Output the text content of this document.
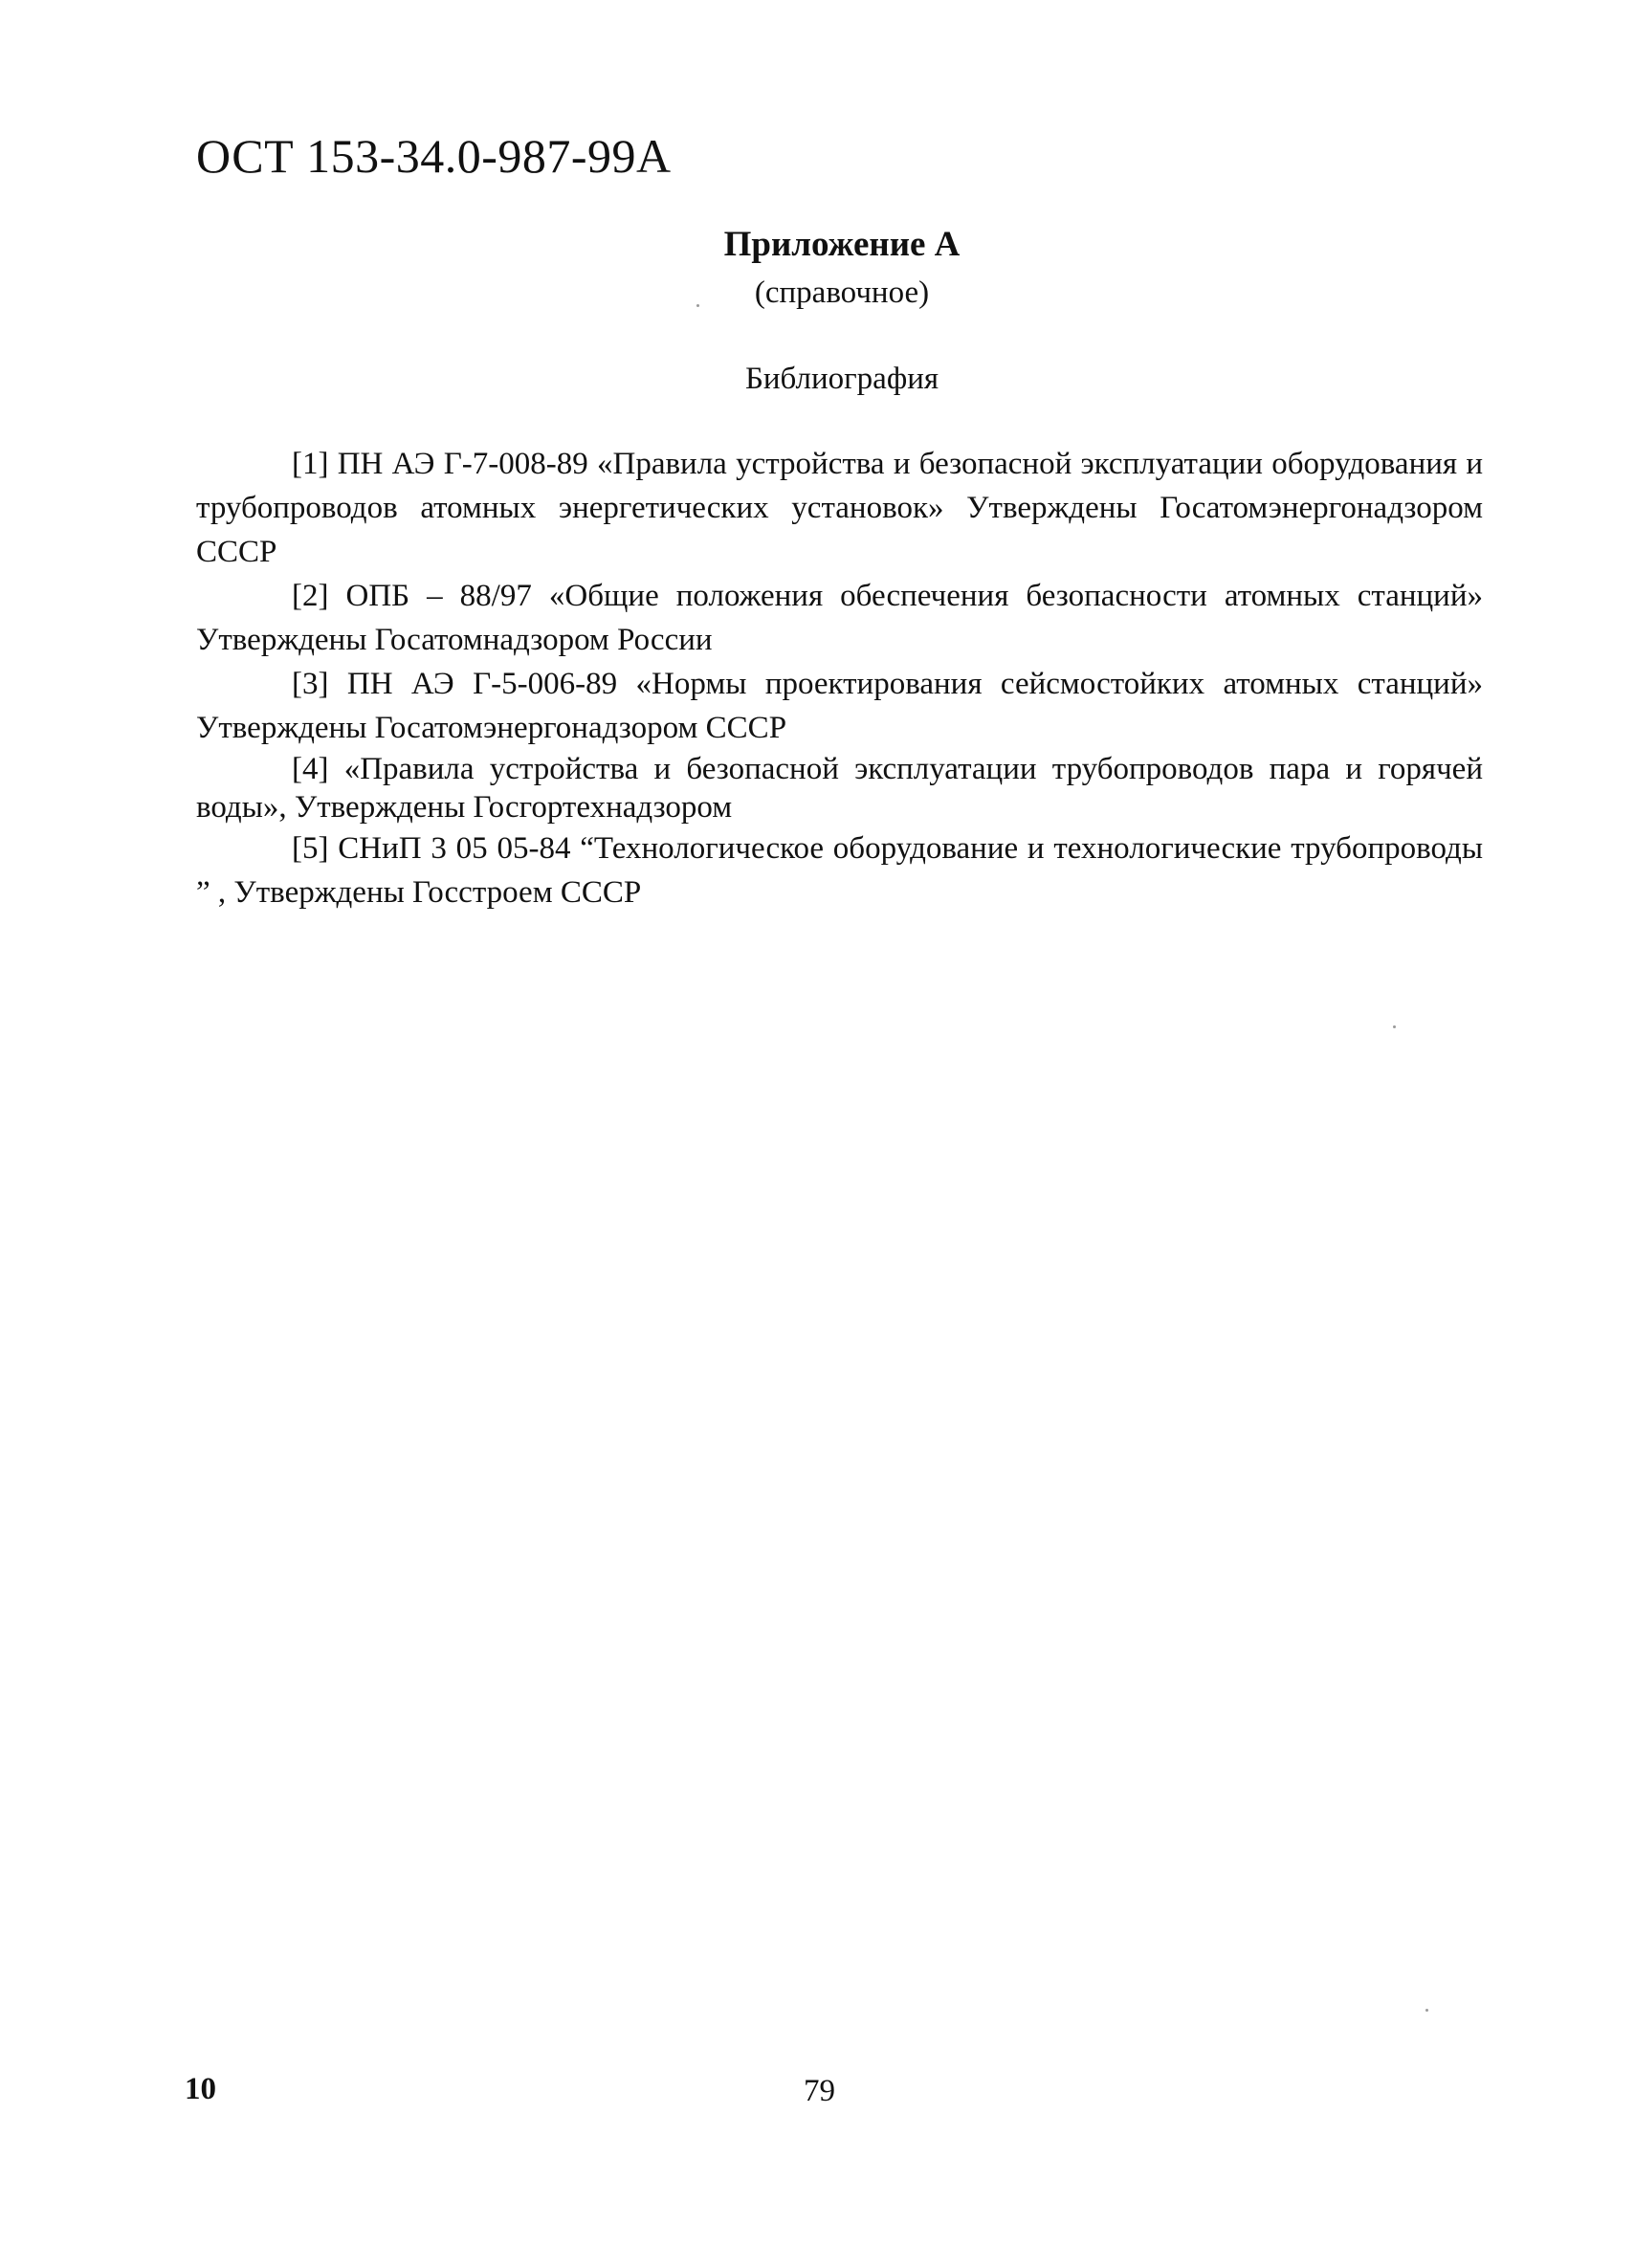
ОСТ 153-34.0-987-99А
Приложение А
(справочное)
Библиография

[1] ПН АЭ Г-7-008-89 «Правила устройства и безопасной эксплуатации оборудования и трубопроводов атомных энергетических установок» Утверждены Госатомэнергонадзором СССР

[2] ОПБ – 88/97 «Общие положения обеспечения безопасности атомных станций» Утверждены Госатомнадзором России

[3] ПН АЭ Г-5-006-89 «Нормы проектирования сейсмостойких атомных станций» Утверждены Госатомэнергонадзором СССР

[4] «Правила устройства и безопасной эксплуатации трубопроводов пара и горячей воды», Утверждены Госгортехнадзором

[5] СНиП 3 05 05-84 “Технологическое оборудование и технологические трубопроводы ” , Утверждены Госстроем СССР

10	79
